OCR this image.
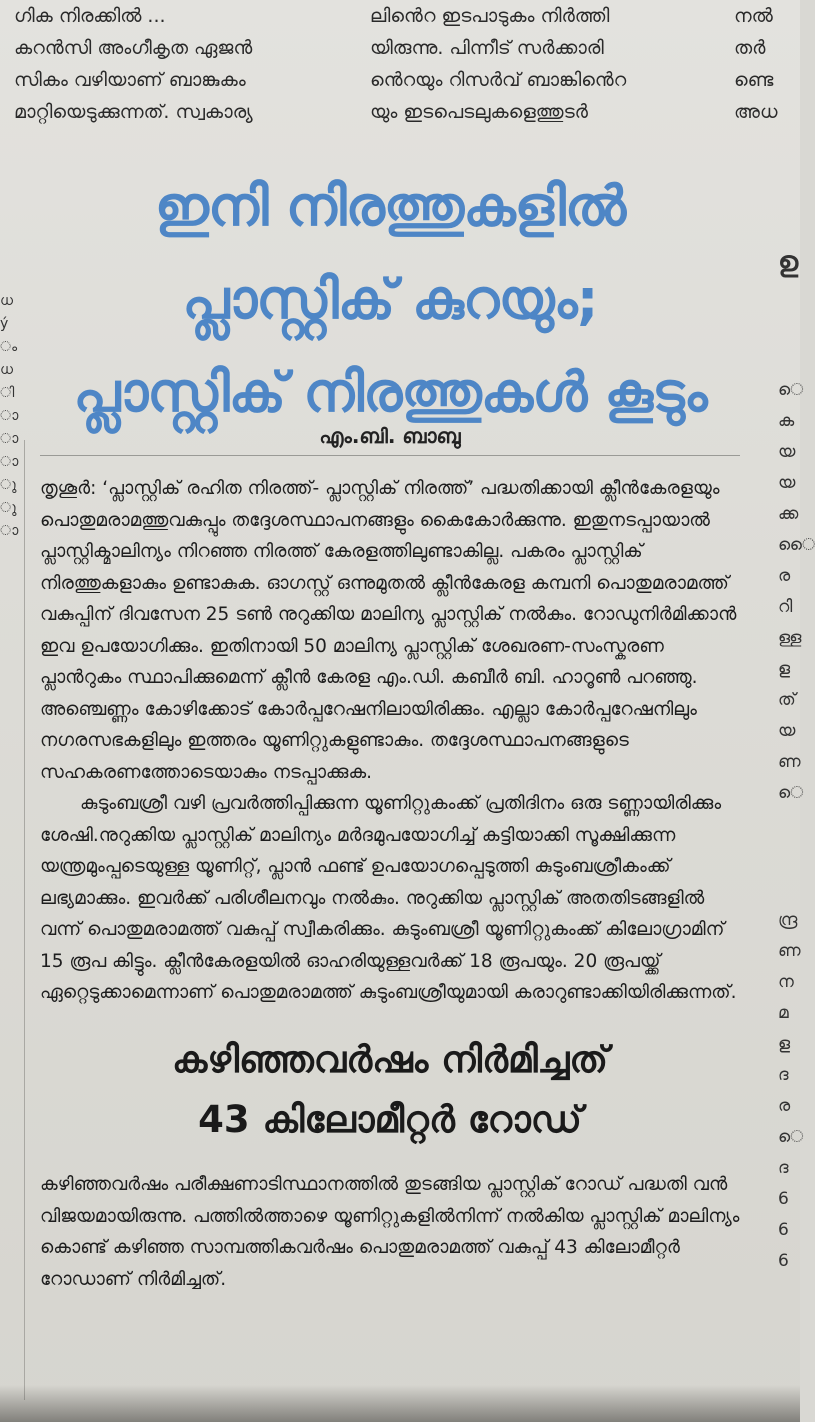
ഗിക നിരക്കിൽ ...
കറൻസി അംഗീകൃത ഏജൻ
സികം വഴിയാണ് ബാങ്കുകം
മാറ്റിയെടുക്കുന്നത്. സ്വകാര്യ
ലിൻെറ ഇടപാടുകം നിർത്തി
യിരുന്നു. പിന്നീട് സർക്കാരി
ൻെറയും റിസർവ് ബാങ്കിൻെറ
യും ഇടപെടലുകളെത്തുടർ
നൽ
തർ
ണ്ടെ
അധ
ധ
ý
ം
ധ
ി
ാ
ാ
ാ
ു
ു
ാ
ഉ
െ
ക
യ
യ
ക്ക
ൈ
ര
റി
ള്ള
ള
ത്
യ
ണ
െ
ന്ദ്ര
ണ
ന
മ
ള
ദ
ര
െ
ദ
6
6
6
ഇനി നിരത്തുകളിൽ
പ്ലാസ്റ്റിക് കുറയും;
പ്ലാസ്റ്റിക് നിരത്തുകൾ കൂടും
എം.ബി. ബാബു

തൃശൂർ: ‘പ്ലാസ്റ്റിക് രഹിത നിരത്ത്- പ്ലാസ്റ്റിക് നിരത്ത്’ പദ്ധതിക്കായി ക്ലീൻകേരളയും പൊതുമരാമത്തുവകുപ്പും തദ്ദേശസ്ഥാപനങ്ങളും കൈകോർക്കുന്നു. ഇതുനടപ്പായാൽ പ്ലാസ്റ്റിക്മാലിന്യം നിറഞ്ഞ നിരത്ത് കേരളത്തിലുണ്ടാകില്ല. പകരം പ്ലാസ്റ്റിക് നിരത്തുകളാകും ഉണ്ടാകുക. ഓഗസ്റ്റ് ഒന്നുമുതൽ ക്ലീൻകേരള കമ്പനി പൊതുമരാമത്ത് വകുപ്പിന് ദിവസേന 25 ടൺ നുറുക്കിയ മാലിന്യ പ്ലാസ്റ്റിക് നൽകും. റോഡുനിർമിക്കാൻ ഇവ ഉപയോഗിക്കും. ഇതിനായി 50 മാലിന്യ പ്ലാസ്റ്റിക് ശേഖരണ-സംസ്കരണ പ്ലാൻറുകം സ്ഥാപിക്കുമെന്ന് ക്ലീൻ കേരള എം.ഡി. കബീർ ബി. ഹാറൂൺ പറഞ്ഞു. അഞ്ചെണ്ണം കോഴിക്കോട് കോർപ്പറേഷനിലായിരിക്കും. എല്ലാ കോർപ്പറേഷനിലും നഗരസഭകളിലും ഇത്തരം യൂണിറ്റുകളുണ്ടാകും. തദ്ദേശസ്ഥാപനങ്ങളുടെ സഹകരണത്തോടെയാകും നടപ്പാക്കുക.

കുടുംബശ്രീ വഴി പ്രവർത്തിപ്പിക്കുന്ന യൂണിറ്റുകംക്ക് പ്രതിദിനം ഒരു ടണ്ണായിരിക്കും ശേഷി.നുറുക്കിയ പ്ലാസ്റ്റിക് മാലിന്യം മർദമുപയോഗിച്ച് കട്ടിയാക്കി സൂക്ഷിക്കുന്ന യന്ത്രമുംപ്പടെയുള്ള യൂണിറ്റ്, പ്ലാൻ ഫണ്ട് ഉപയോഗപ്പെടുത്തി കുടുംബശ്രീകംക്ക് ലഭ്യമാക്കും. ഇവർക്ക് പരിശീലനവും നൽകും. നുറുക്കിയ പ്ലാസ്റ്റിക് അതതിടങ്ങളിൽ വന്ന് പൊതുമരാമത്ത് വകുപ്പ് സ്വീകരിക്കും. കുടുംബശ്രീ യൂണിറ്റുകംക്ക് കിലോഗ്രാമിന് 15 രൂപ കിട്ടും. ക്ലീൻകേരളയിൽ ഓഹരിയുള്ളവർക്ക് 18 രൂപയും. 20 രൂപയ്ക്ക് ഏറ്റെടുക്കാമെന്നാണ് പൊതുമരാമത്ത് കുടുംബശ്രീയുമായി കരാറുണ്ടാക്കിയിരിക്കുന്നത്.

കഴിഞ്ഞവർഷം നിർമിച്ചത്
43 കിലോമീറ്റർ റോഡ്

കഴിഞ്ഞവർഷം പരീക്ഷണാടിസ്ഥാനത്തിൽ തുടങ്ങിയ പ്ലാസ്റ്റിക് റോഡ് പദ്ധതി വൻ വിജയമായിരുന്നു. പത്തിൽത്താഴെ യൂണിറ്റുകളിൽനിന്ന് നൽകിയ പ്ലാസ്റ്റിക് മാലിന്യം കൊണ്ട് കഴിഞ്ഞ സാമ്പത്തികവർഷം പൊതുമരാമത്ത് വകുപ്പ് 43 കിലോമീറ്റർ റോഡാണ് നിർമിച്ചത്.
